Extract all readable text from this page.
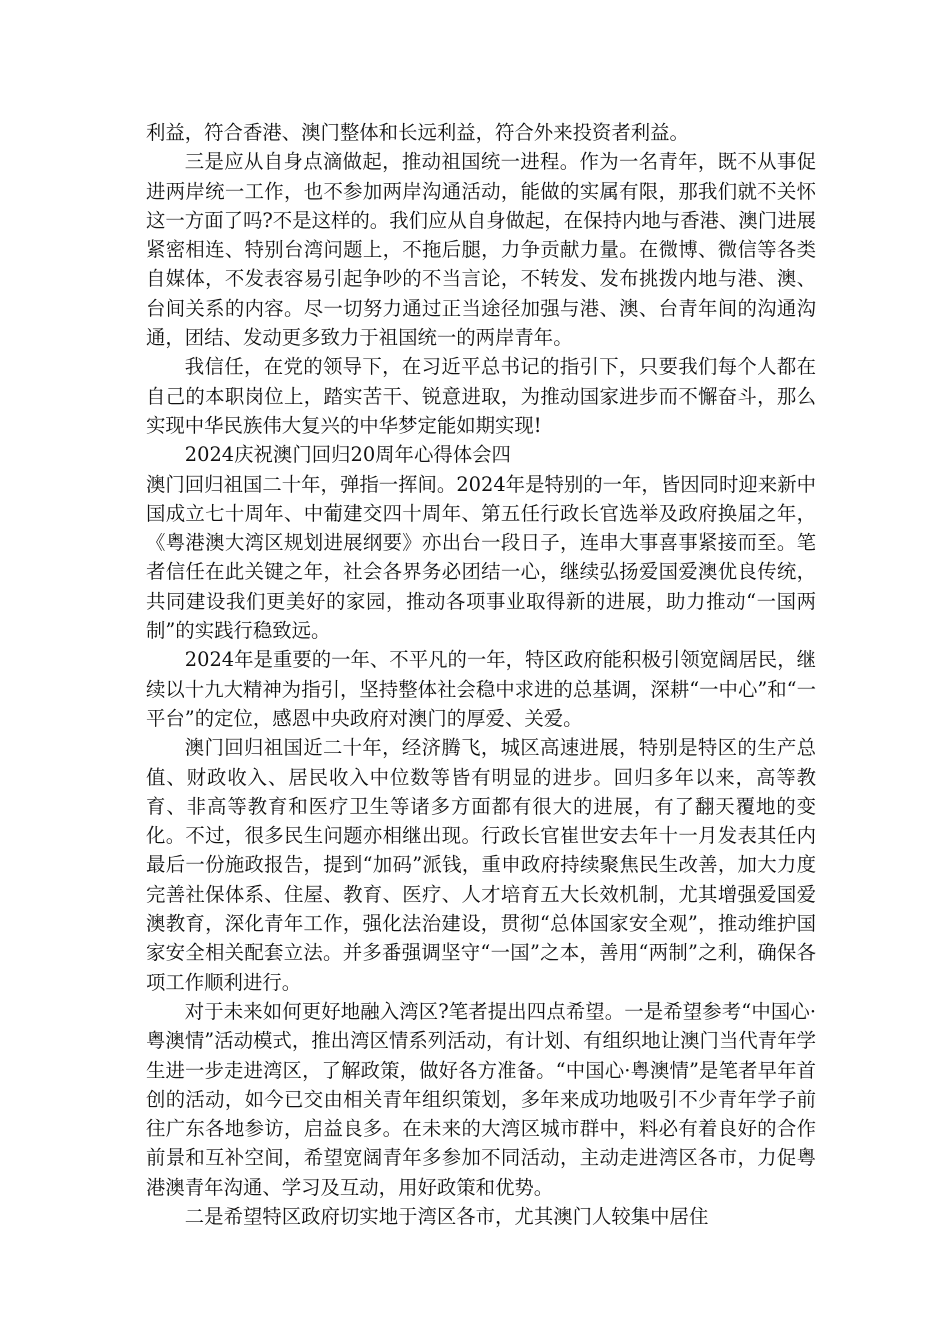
利益，符合香港、澳门整体和长远利益，符合外来投资者利益。

三是应从自身点滴做起，推动祖国统一进程。作为一名青年，既不从事促进两岸统一工作，也不参加两岸沟通活动，能做的实属有限，那我们就不关怀这一方面了吗?不是这样的。我们应从自身做起，在保持内地与香港、澳门进展紧密相连、特别台湾问题上，不拖后腿，力争贡献力量。在微博、微信等各类自媒体，不发表容易引起争吵的不当言论，不转发、发布挑拨内地与港、澳、台间关系的内容。尽一切努力通过正当途径加强与港、澳、台青年间的沟通沟通，团结、发动更多致力于祖国统一的两岸青年。

我信任，在党的领导下，在习近平总书记的指引下，只要我们每个人都在自己的本职岗位上，踏实苦干、锐意进取，为推动国家进步而不懈奋斗，那么实现中华民族伟大复兴的中华梦定能如期实现!

2024庆祝澳门回归20周年心得体会四

澳门回归祖国二十年，弹指一挥间。2024年是特别的一年，皆因同时迎来新中国成立七十周年、中葡建交四十周年、第五任行政长官选举及政府换届之年，《粤港澳大湾区规划进展纲要》亦出台一段日子，连串大事喜事紧接而至。笔者信任在此关键之年，社会各界务必团结一心，继续弘扬爱国爱澳优良传统，共同建设我们更美好的家园，推动各项事业取得新的进展，助力推动“一国两制”的实践行稳致远。

2024年是重要的一年、不平凡的一年，特区政府能积极引领宽阔居民，继续以十九大精神为指引，坚持整体社会稳中求进的总基调，深耕“一中心”和“一平台”的定位，感恩中央政府对澳门的厚爱、关爱。

澳门回归祖国近二十年，经济腾飞，城区高速进展，特别是特区的生产总值、财政收入、居民收入中位数等皆有明显的进步。回归多年以来，高等教育、非高等教育和医疗卫生等诸多方面都有很大的进展，有了翻天覆地的变化。不过，很多民生问题亦相继出现。行政长官崔世安去年十一月发表其任内最后一份施政报告，提到“加码”派钱，重申政府持续聚焦民生改善，加大力度完善社保体系、住屋、教育、医疗、人才培育五大长效机制，尤其增强爱国爱澳教育，深化青年工作，强化法治建设，贯彻“总体国家安全观”，推动维护国家安全相关配套立法。并多番强调坚守“一国”之本，善用“两制”之利，确保各项工作顺利进行。

对于未来如何更好地融入湾区?笔者提出四点希望。一是希望参考“中国心·粤澳情”活动模式，推出湾区情系列活动，有计划、有组织地让澳门当代青年学生进一步走进湾区，了解政策，做好各方准备。“中国心·粤澳情”是笔者早年首创的活动，如今已交由相关青年组织策划，多年来成功地吸引不少青年学子前往广东各地参访，启益良多。在未来的大湾区城市群中，料必有着良好的合作前景和互补空间，希望宽阔青年多参加不同活动，主动走进湾区各市，力促粤港澳青年沟通、学习及互动，用好政策和优势。

二是希望特区政府切实地于湾区各市，尤其澳门人较集中居住
